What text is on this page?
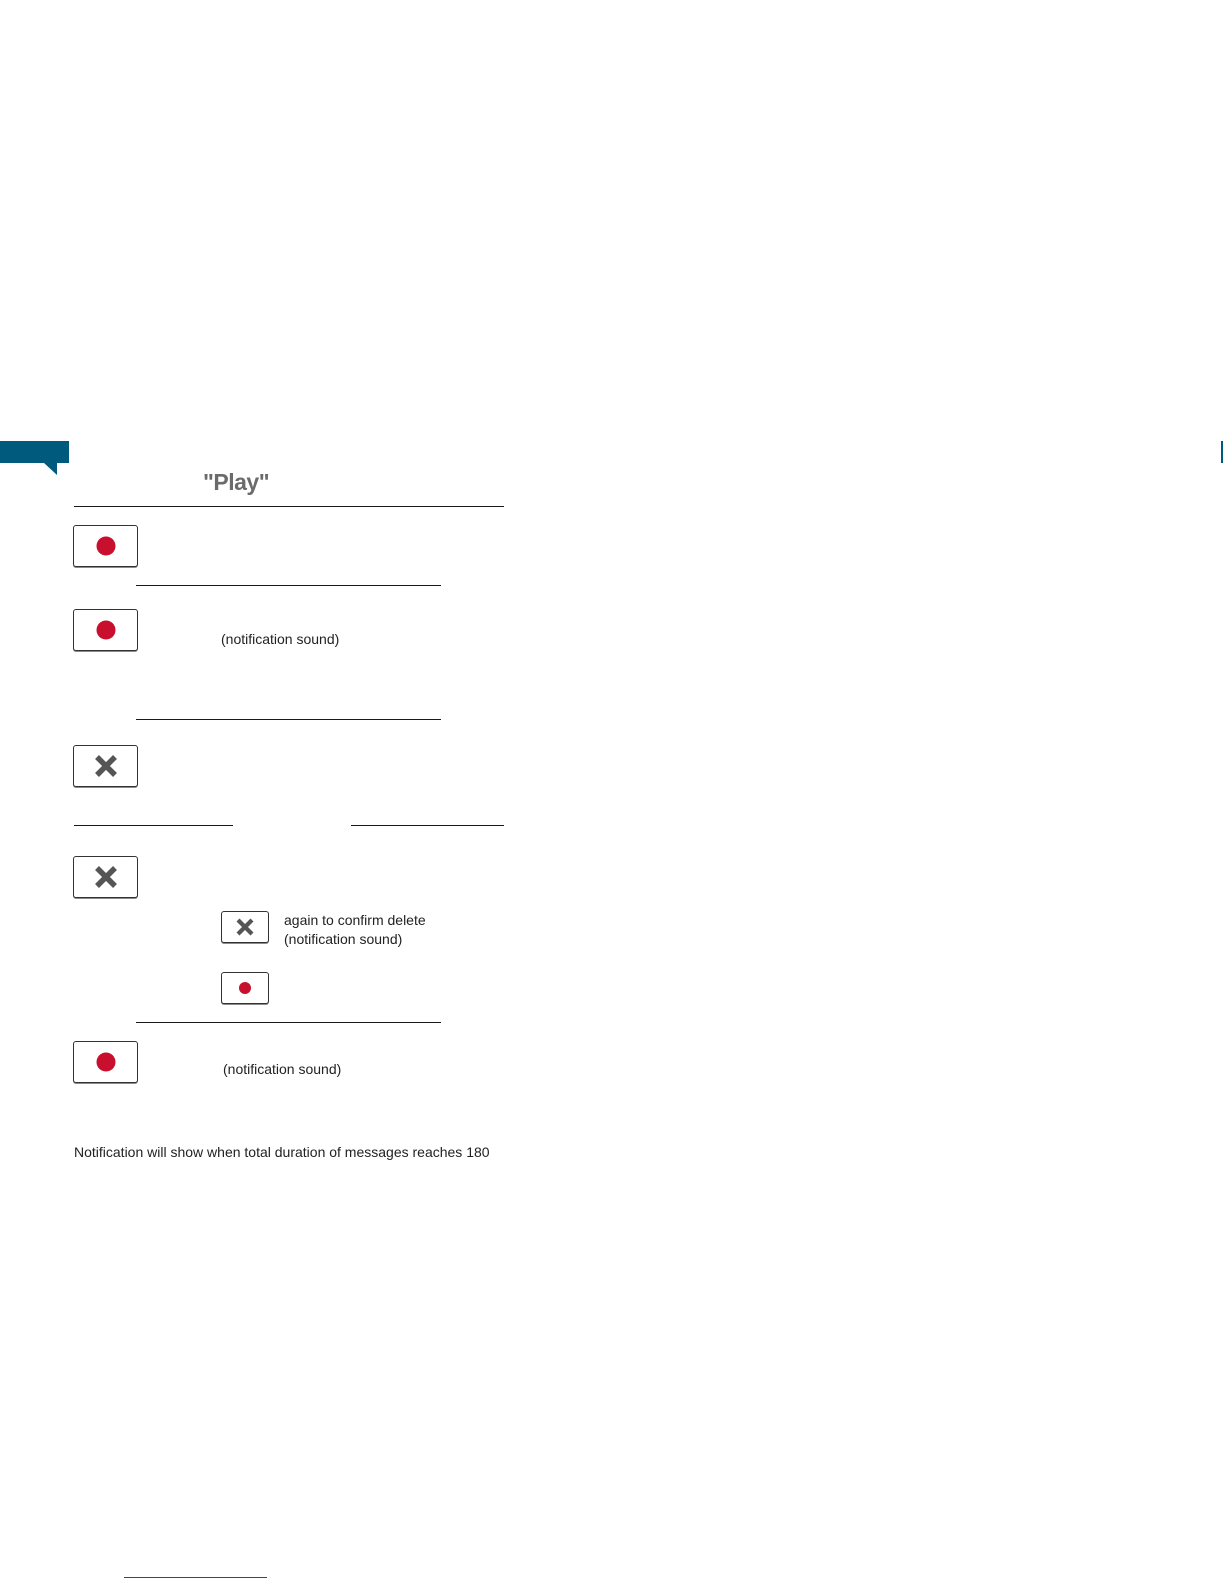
"Play"
(notification sound)
again to confirm delete
(notification sound)
(notification sound)
Notification will show when total duration of messages reaches 180
